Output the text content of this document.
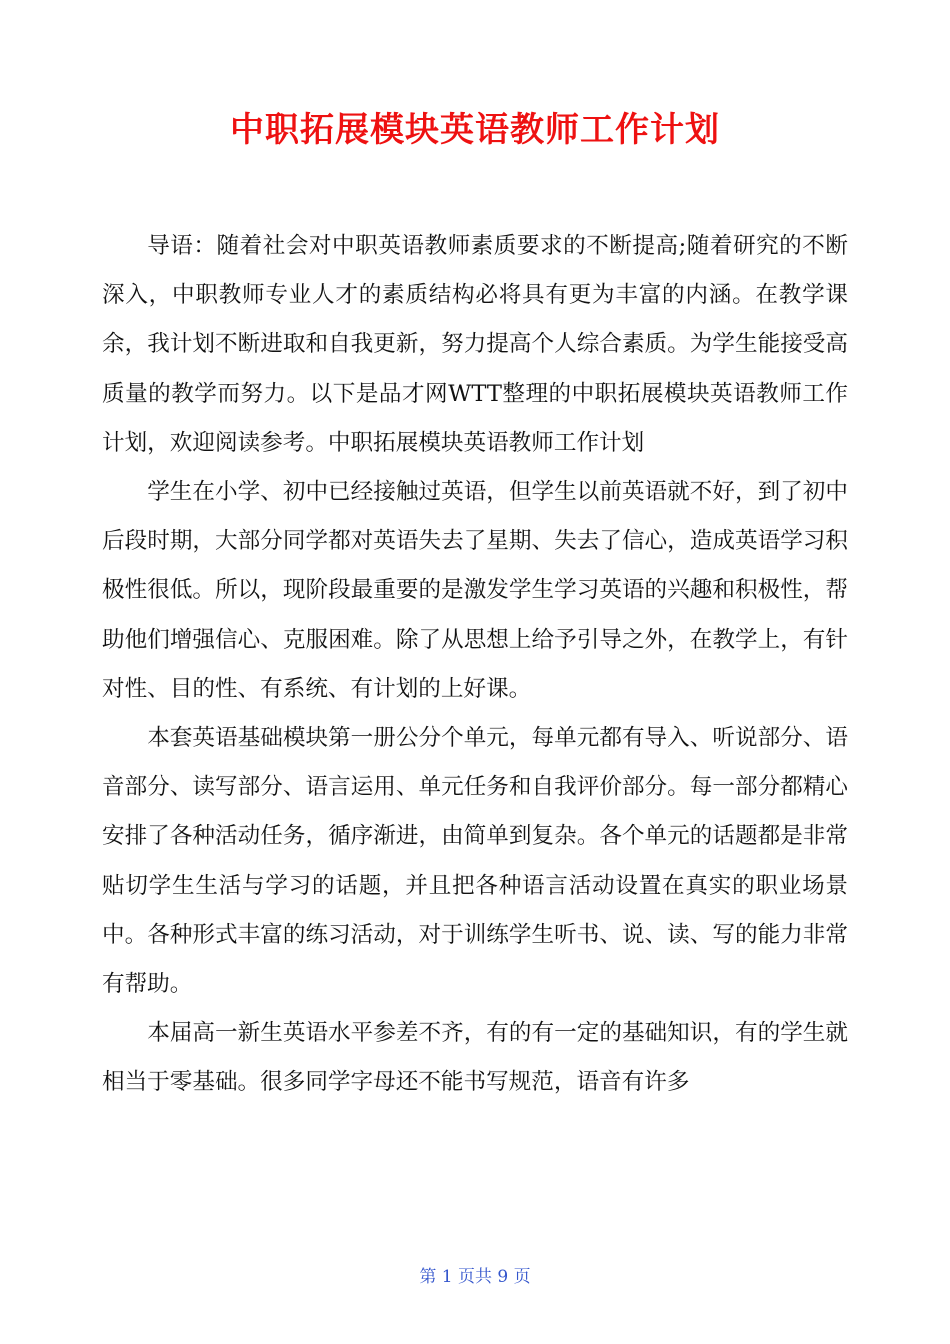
中职拓展模块英语教师工作计划

导语：随着社会对中职英语教师素质要求的不断提高;随着研究的不断深入，中职教师专业人才的素质结构必将具有更为丰富的内涵。在教学课余，我计划不断进取和自我更新，努力提高个人综合素质。为学生能接受高质量的教学而努力。以下是品才网WTT整理的中职拓展模块英语教师工作计划，欢迎阅读参考。中职拓展模块英语教师工作计划

学生在小学、初中已经接触过英语，但学生以前英语就不好，到了初中后段时期，大部分同学都对英语失去了星期、失去了信心，造成英语学习积极性很低。所以，现阶段最重要的是激发学生学习英语的兴趣和积极性，帮助他们增强信心、克服困难。除了从思想上给予引导之外，在教学上，有针对性、目的性、有系统、有计划的上好课。

本套英语基础模块第一册公分个单元，每单元都有导入、听说部分、语音部分、读写部分、语言运用、单元任务和自我评价部分。每一部分都精心安排了各种活动任务，循序渐进，由简单到复杂。各个单元的话题都是非常贴切学生生活与学习的话题，并且把各种语言活动设置在真实的职业场景中。各种形式丰富的练习活动，对于训练学生听书、说、读、写的能力非常有帮助。

本届高一新生英语水平参差不齐，有的有一定的基础知识，有的学生就相当于零基础。很多同学字母还不能书写规范，语音有许多

第 1 页共 9 页
